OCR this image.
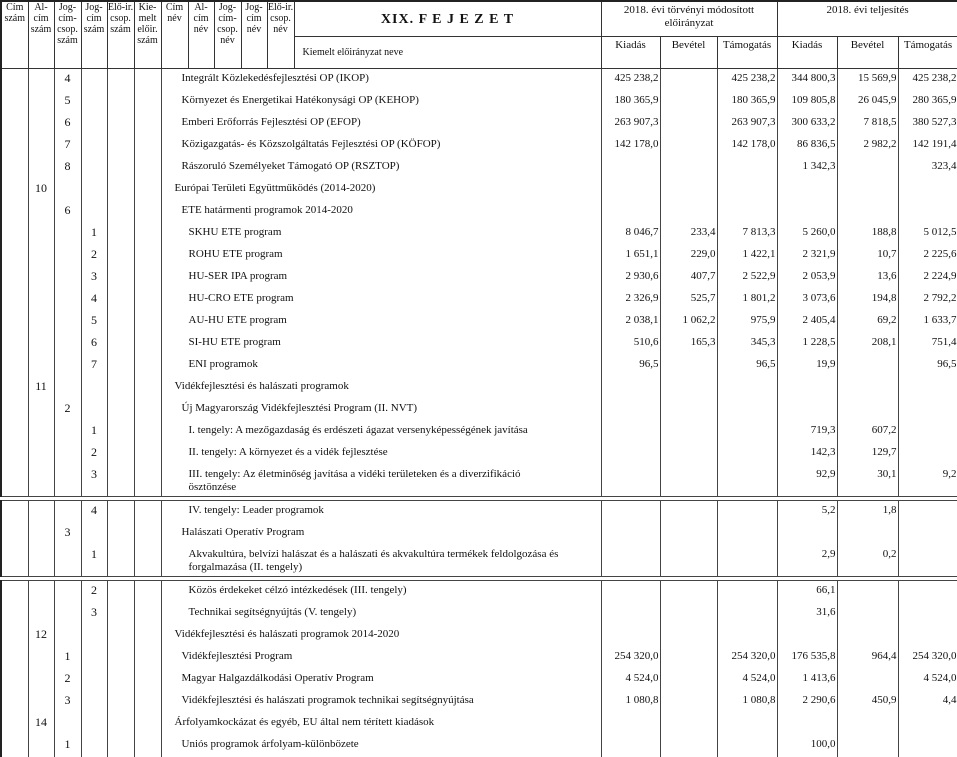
Cím szám	Al-cím szám	Jog-cím-csop. szám	Jog-cím szám	Elő-ir. csop. szám	Kie-melt előir. szám	Cím név	Al-cím név	Jog-cím-csop. név	Jog-cím név	Elő-ir. csop. név	XIX. F E J E Z E T	2018. évi törvényi módosított előirányzat			2018. évi teljesítés		
											Kiemelt előirányzat neve	Kiadás	Bevétel	Támogatás	Kiadás	Bevétel	Támogatás
		4				Integrált Közlekedésfejlesztési OP (IKOP)						425 238,2		425 238,2	344 800,3	15 569,9	425 238,2
		5				Környezet és Energetikai Hatékonysági OP (KEHOP)						180 365,9		180 365,9	109 805,8	26 045,9	280 365,9
		6				Emberi Erőforrás Fejlesztési OP (EFOP)						263 907,3		263 907,3	300 633,2	7 818,5	380 527,3
		7				Közigazgatás- és Közszolgáltatás Fejlesztési OP (KÖFOP)						142 178,0		142 178,0	86 836,5	2 982,2	142 191,4
		8				Rászoruló Személyeket Támogató OP (RSZTOP)									1 342,3		323,4
	10					Európai Területi Együttműködés (2014-2020)											
		6				ETE határmenti programok 2014-2020											
			1			SKHU ETE program						8 046,7	233,4	7 813,3	5 260,0	188,8	5 012,5
			2			ROHU ETE program						1 651,1	229,0	1 422,1	2 321,9	10,7	2 225,6
			3			HU-SER IPA program						2 930,6	407,7	2 522,9	2 053,9	13,6	2 224,9
			4			HU-CRO ETE program						2 326,9	525,7	1 801,2	3 073,6	194,8	2 792,2
			5			AU-HU ETE program						2 038,1	1 062,2	975,9	2 405,4	69,2	1 633,7
			6			SI-HU ETE program						510,6	165,3	345,3	1 228,5	208,1	751,4
			7			ENI programok						96,5		96,5	19,9		96,5
	11					Vidékfejlesztési és halászati programok											
		2				Új Magyarország Vidékfejlesztési Program (II. NVT)											
			1			I. tengely: A mezőgazdaság és erdészeti ágazat versenyképességének javítása									719,3	607,2	
			2			II. tengely: A környezet és a vidék fejlesztése									142,3	129,7	
			3			III. tengely: Az életminőség javítása a vidéki területeken és a diverzifikáció ösztönzése									92,9	30,1	9,2

			4			IV. tengely: Leader programok									5,2	1,8	
		3				Halászati Operatív Program											
			1			Akvakultúra, belvízi halászat és a halászati és akvakultúra termékek feldolgozása és forgalmazása (II. tengely)									2,9	0,2	

			2			Közös érdekeket célzó intézkedések (III. tengely)									66,1		
			3			Technikai segítségnyújtás (V. tengely)									31,6		
	12					Vidékfejlesztési és halászati programok 2014-2020											
		1				Vidékfejlesztési Program						254 320,0		254 320,0	176 535,8	964,4	254 320,0
		2				Magyar Halgazdálkodási Operatív Program						4 524,0		4 524,0	1 413,6		4 524,0
		3				Vidékfejlesztési és halászati programok technikai segítségnyújtása						1 080,8		1 080,8	2 290,6	450,9	4,4
	14					Árfolyamkockázat és egyéb, EU által nem térített kiadások											
		1				Uniós programok árfolyam-különbözete									100,0		
